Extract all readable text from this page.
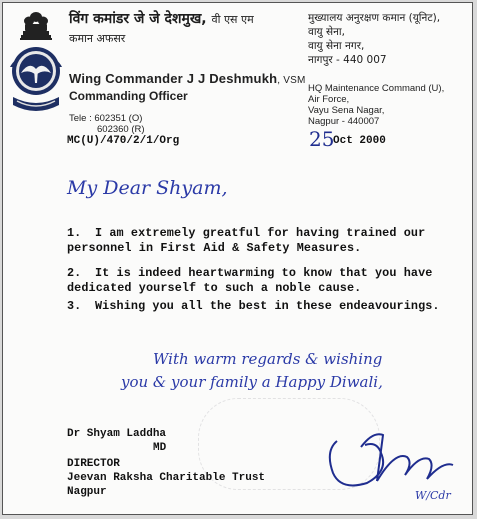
विंग कमांडर जे जे देशमुख, वी एस एम
कमान अफसर
Wing Commander J J Deshmukh, VSM
Commanding Officer
Tele : 602351 (O)
602360 (R)
मुख्यालय अनुरक्षण कमान (यूनिट),
वायु सेना,
वायु सेना नगर,
नागपुर - 440 007
HQ Maintenance Command (U),
Air Force,
Vayu Sena Nagar,
Nagpur - 440007
MC(U)/470/2/1/Org	25
Oct 2000
My Dear Shyam,
1. I am extremely greatful for having trained our
personnel in First Aid & Safety Measures.
2. It is indeed heartwarming to know that you have
dedicated yourself to such a noble cause.
3. Wishing you all the best in these endeavourings.
With warm regards & wishing
you & your family a Happy Diwali,
Dr Shyam Laddha
MD
DIRECTOR
Jeevan Raksha Charitable Trust
Nagpur	W/Cdr
